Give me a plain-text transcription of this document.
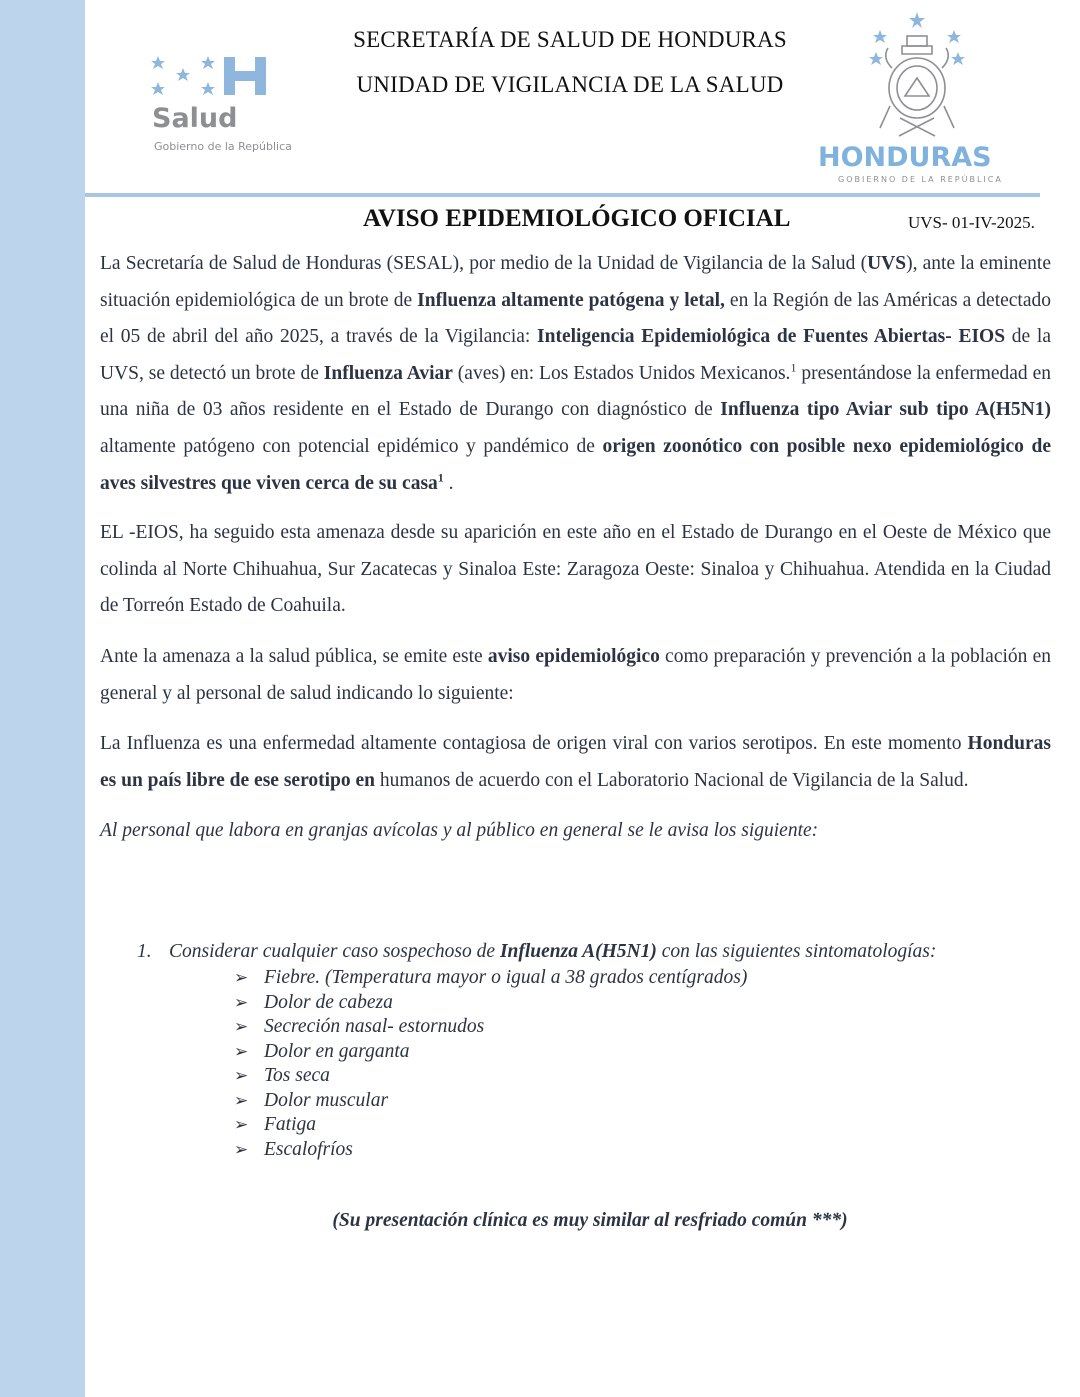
Salud
Gobierno de la República
SECRETARÍA DE SALUD DE HONDURAS
UNIDAD DE VIGILANCIA DE LA SALUD
HONDURAS
GOBIERNO DE LA REPÚBLICA
AVISO EPIDEMIOLÓGICO OFICIAL	UVS- 01-IV-2025.

La Secretaría de Salud de Honduras (SESAL), por medio de la Unidad de Vigilancia de la Salud (UVS), ante la eminente situación epidemiológica de un brote de Influenza altamente patógena y letal, en la Región de las Américas a detectado el 05 de abril del año 2025, a través de la Vigilancia: Inteligencia Epidemiológica de Fuentes Abiertas- EIOS de la UVS, se detectó un brote de Influenza Aviar (aves) en: Los Estados Unidos Mexicanos.$^1$ presentándose la enfermedad en una niña de 03 años residente en el Estado de Durango con diagnóstico de Influenza tipo Aviar sub tipo A(H5N1) altamente patógeno con potencial epidémico y pandémico de origen zoonótico con posible nexo epidemiológico de aves silvestres que viven cerca de su casa$^1$ .

EL -EIOS, ha seguido esta amenaza desde su aparición en este año en el Estado de Durango en el Oeste de México que colinda al Norte Chihuahua, Sur Zacatecas y Sinaloa Este: Zaragoza Oeste: Sinaloa y Chihuahua. Atendida en la Ciudad de Torreón Estado de Coahuila.

Ante la amenaza a la salud pública, se emite este aviso epidemiológico como preparación y prevención a la población en general y al personal de salud indicando lo siguiente:

La Influenza es una enfermedad altamente contagiosa de origen viral con varios serotipos. En este momento Honduras es un país libre de ese serotipo en humanos de acuerdo con el Laboratorio Nacional de Vigilancia de la Salud.

Al personal que labora en granjas avícolas y al público en general se le avisa los siguiente:

1. Considerar cualquier caso sospechoso de Influenza A(H5N1) con las siguientes sintomatologías:
➢ Fiebre. (Temperatura mayor o igual a 38 grados centígrados)
➢ Dolor de cabeza
➢ Secreción nasal- estornudos
➢ Dolor en garganta
➢ Tos seca
➢ Dolor muscular
➢ Fatiga
➢ Escalofríos
(Su presentación clínica es muy similar al resfriado común ***)
